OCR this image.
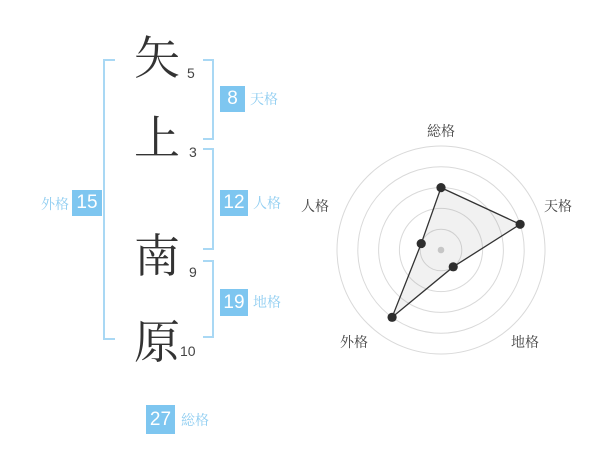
矢
上
南
原
5
3
9
10
8 天格
12 人格
19 地格
外格 15
27 総格
総格
天格
地格
外格
人格
